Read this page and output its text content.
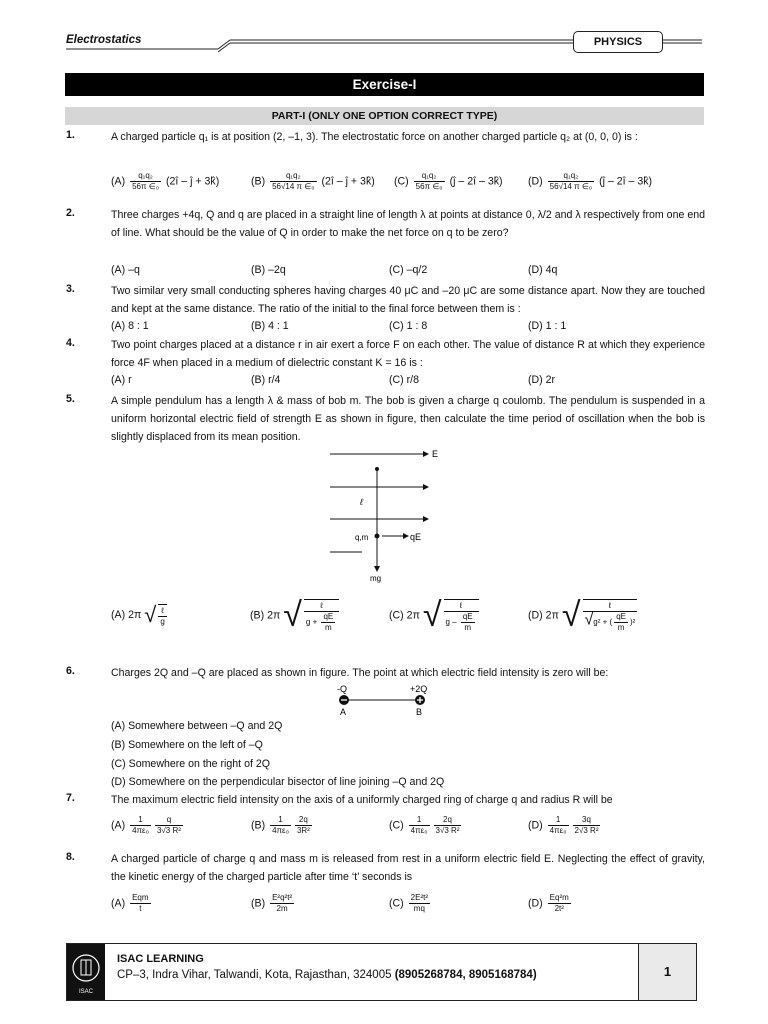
Electrostatics	PHYSICS
Exercise-I
PART-I (ONLY ONE OPTION CORRECT TYPE)
1.	A charged particle q₁ is at position (2, –1, 3). The electrostatic force on another charged particle q₂ at (0, 0, 0) is :
$(A) \frac{\text{q₁q₂}}{\text{56π ∈₀}}$ (2î – ĵ + 3k̂)	$(B) \frac{\text{q₁q₂}}{\text{56√14 π ∈₀}}$ (2î – ĵ + 3k̂) $(C) \frac{\text{q₁q₂}}{\text{56π ∈₀}}$ (ĵ – 2î – 3k̂) $(D) \frac{\text{q₁q₂}}{\text{56√14 π ∈₀}}$ (ĵ – 2î – 3k̂)
2.	Three charges +4q, Q and q are placed in a straight line of length λ at points at distance 0, λ/2 and λ respectively from one end of line. What should be the value of Q in order to make the net force on q to be zero?
(A) –q	(B) –2q	(C) –q/2	(D) 4q
3.	Two similar very small conducting spheres having charges 40 μC and –20 μC are some distance apart. Now they are touched and kept at the same distance. The ratio of the initial to the final force between them is :
(A) 8 : 1	(B) 4 : 1	(C) 1 : 8	(D) 1 : 1
4.	Two point charges placed at a distance r in air exert a force F on each other. The value of distance R at which they experience force 4F when placed in a medium of dielectric constant K = 16 is :
(A) r	(B) r/4	(C) r/8	(D) 2r
5.	A simple pendulum has a length λ & mass of bob m. The bob is given a charge q coulomb. The pendulum is suspended in a uniform horizontal electric field of strength E as shown in figure, then calculate the time period of oscillation when the bob is slightly displaced from its mean position.
E
ℓ
q,m	qE
mg
(A) 2π √ $\frac{\text{ℓ}}{g}$	(B) 2π √ $\frac{\text{ℓ}}{g + \frac{qE}{m}}$	(C) 2π √ $\frac{\text{ℓ}}{g - \frac{qE}{m}}$	(D) 2π √ $\frac{\text{ℓ}}{√g^2 + ( \frac{qE}{m} )^2}$
6.	Charges 2Q and –Q are placed as shown in figure. The point at which electric field intensity is zero will be:
-Q	+2Q
A	B
(A) Somewhere between –Q and 2Q
(B) Somewhere on the left of –Q
(C) Somewhere on the right of 2Q
(D) Somewhere on the perpendicular bisector of line joining –Q and 2Q
7.	The maximum electric field intensity on the axis of a uniformly charged ring of charge q and radius R will be
$(A) \frac{1}{\text{4πε₀}} \frac{q}{\text{3√3 R²}}$	$(B) \frac{1}{\text{4πε₀}} \frac{2q}{\text{3R²}}$	$(C) \frac{1}{\text{4πε₀}} \frac{2q}{\text{3√3 R²}}$	$(D) \frac{1}{\text{4πε₀}} \frac{3q}{\text{2√3 R²}}$
8.	A charged particle of charge q and mass m is released from rest in a uniform electric field E. Neglecting the effect of gravity, the kinetic energy of the charged particle after time ‘t’ seconds is
$(A) \frac{\text{Eqm}}{t}$	$(B) \frac{\text{E²q²t²}}{2m}$	$(C) \frac{\text{2E²t²}}{mq}$	$(D) \frac{\text{Eq²m}}{\text{2t²}}$
ISAC
ISAC LEARNING
CP–3, Indra Vihar, Talwandi, Kota, Rajasthan, 324005 (8905268784, 8905168784)	1
